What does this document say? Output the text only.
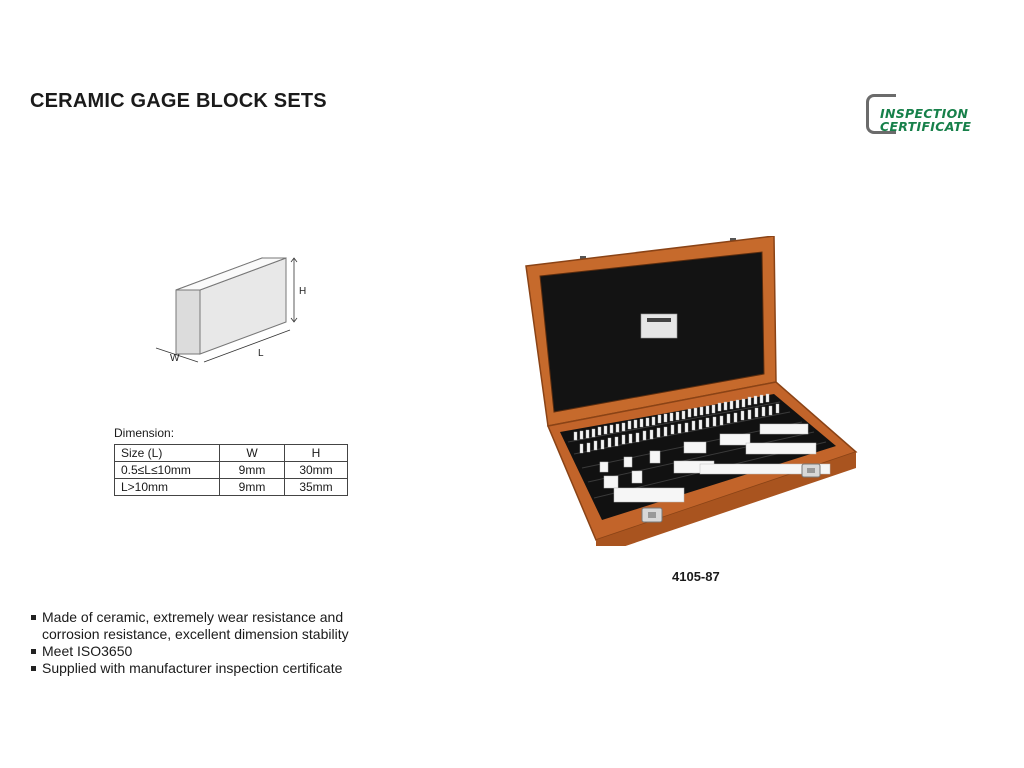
CERAMIC GAGE BLOCK SETS
INSPECTION
CERTIFICATE
H
L
W
Dimension:
Size (L)	W	H
0.5≤L≤10mm	9mm	30mm
L>10mm	9mm	35mm
4105-87
Made of ceramic, extremely wear resistance and corrosion resistance, excellent dimension stability
Meet ISO3650
Supplied with manufacturer inspection certificate
